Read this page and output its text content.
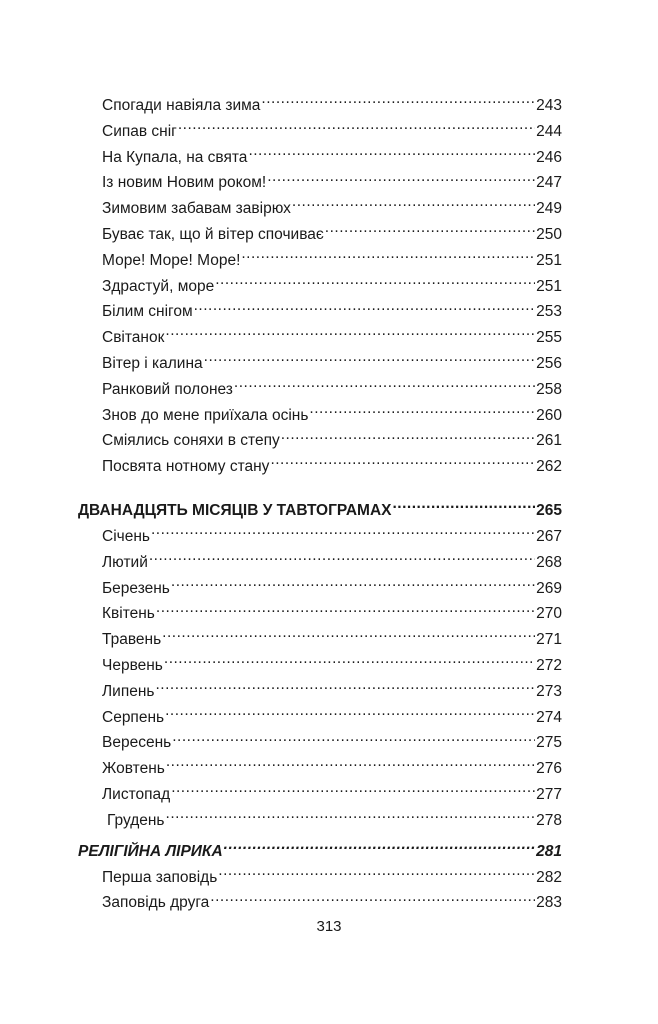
Спогади навіяла зима .....	243
Сипав сніг .....	244
На Купала, на свята .....	246
Із новим Новим роком! .....	247
Зимовим забавам завірюх .....	249
Буває так, що й вітер спочиває .....	250
Море! Море! Море! .....	251
Здрастуй, море .....	251
Білим снігом .....	253
Світанок .....	255
Вітер і калина .....	256
Ранковий полонез .....	258
Знов до мене приїхала осінь .....	260
Сміялись соняхи в степу .....	261
Посвята нотному стану .....	262
ДВАНАДЦЯТЬ МІСЯЦІВ У ТАВТОГРАМАХ .....	265
Січень .....	267
Лютий .....	268
Березень .....	269
Квітень .....	270
Травень .....	271
Червень .....	272
Липень .....	273
Серпень .....	274
Вересень .....	275
Жовтень .....	276
Листопад .....	277
Грудень .....	278
РЕЛІГІЙНА ЛІРИКА .....	281
Перша заповідь .....	282
Заповідь друга .....	283
313
